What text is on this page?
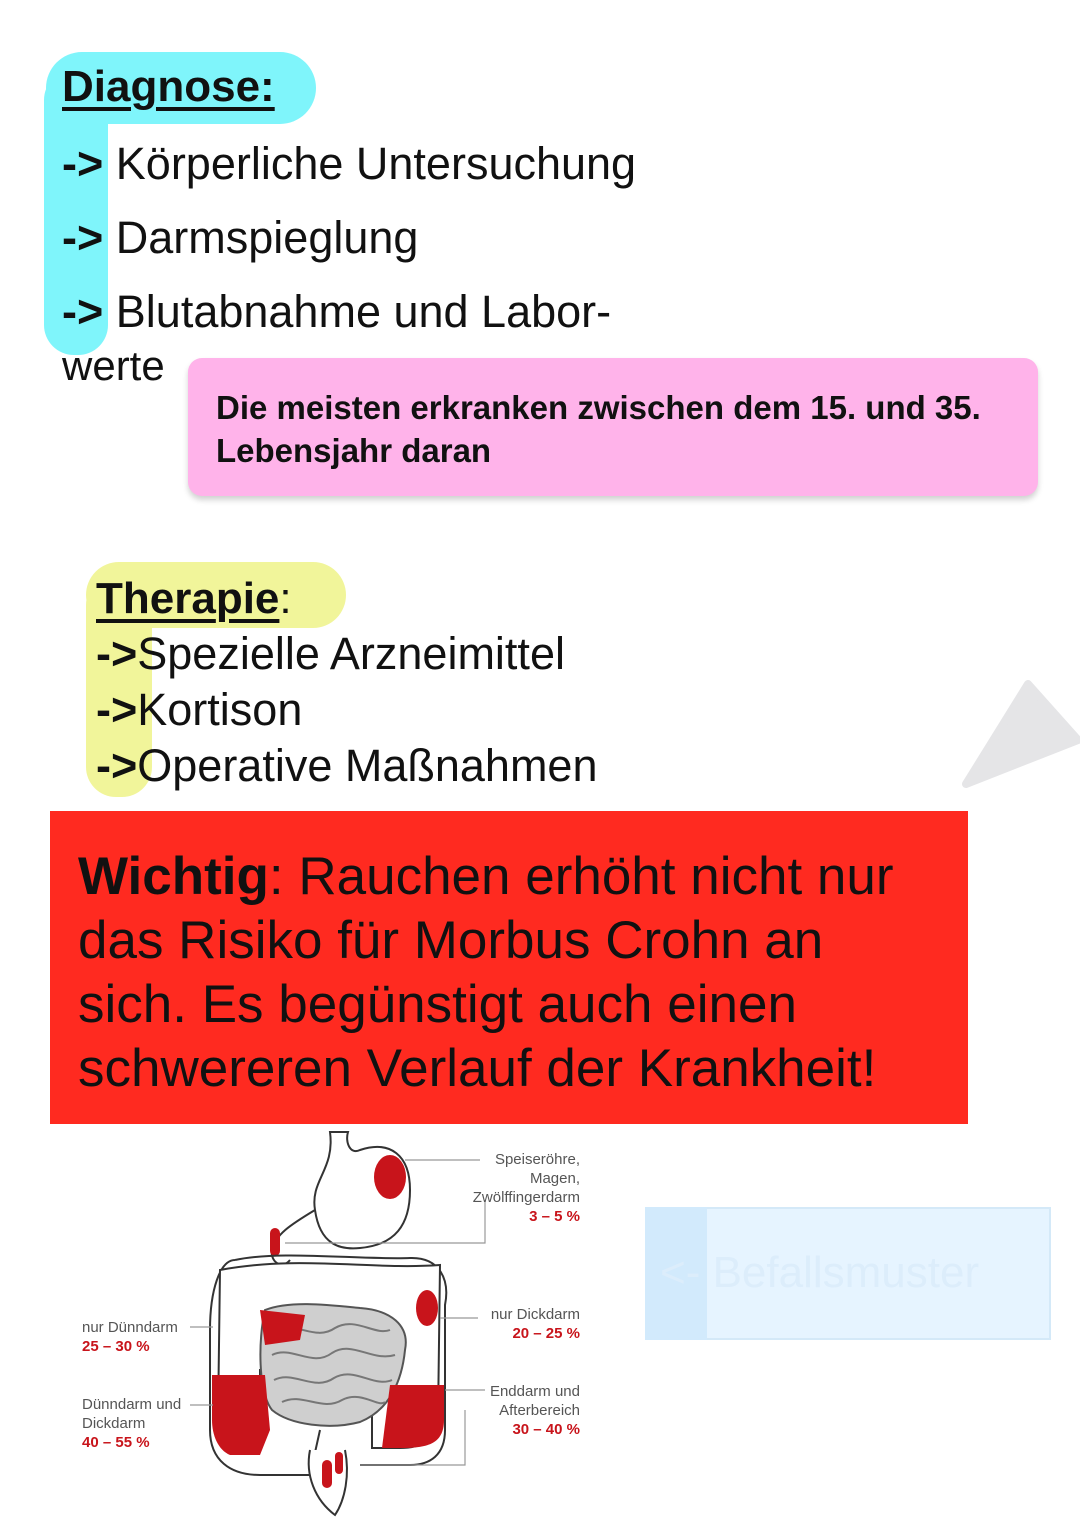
Diagnose:
-> Körperliche Untersuchung
-> Darmspieglung
-> Blutabnahme und Labor-
werte
Die meisten erkranken zwischen dem 15. und 35. Lebensjahr daran
Therapie:
->Spezielle Arzneimittel
->Kortison
->Operative Maßnahmen
Wichtig: Rauchen erhöht nicht nur das Risiko für Morbus Crohn an sich. Es begünstigt auch einen schwereren Verlauf der Krankheit!
Speiseröhre,
Magen,
Zwölffingerdarm
3 – 5 %
nur Dickdarm
20 – 25 %
Enddarm und
Afterbereich
30 – 40 %
nur Dünndarm
25 – 30 %
Dünndarm und
Dickdarm
40 – 55 %
<- Befallsmuster
